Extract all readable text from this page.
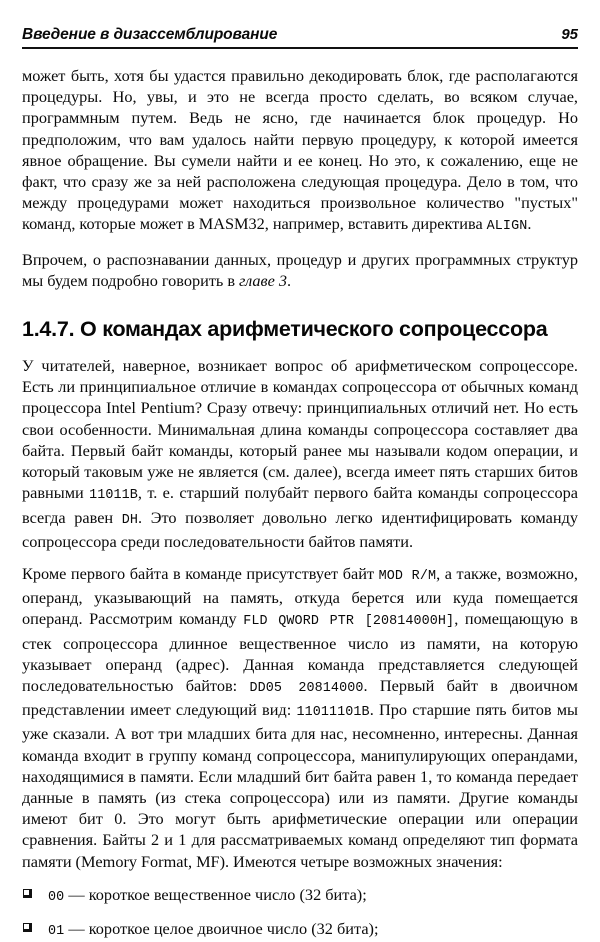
Введение в дизассемблирование	95

может быть, хотя бы удастся правильно декодировать блок, где располагаются процедуры. Но, увы, и это не всегда просто сделать, во всяком случае, программным путем. Ведь не ясно, где начинается блок процедур. Но предположим, что вам удалось найти первую процедуру, к которой имеется явное обращение. Вы сумели найти и ее конец. Но это, к сожалению, еще не факт, что сразу же за ней расположена следующая процедура. Дело в том, что между процедурами может находиться произвольное количество "пустых" команд, которые может в MASM32, например, вставить директива ALIGN.

Впрочем, о распознавании данных, процедур и других программных структур мы будем подробно говорить в главе 3.

1.4.7. О командах арифметического сопроцессора

У читателей, наверное, возникает вопрос об арифметическом сопроцессоре. Есть ли принципиальное отличие в командах сопроцессора от обычных команд процессора Intel Pentium? Сразу отвечу: принципиальных отличий нет. Но есть свои особенности. Минимальная длина команды сопроцессора составляет два байта. Первый байт команды, который ранее мы называли кодом операции, и который таковым уже не является (см. далее), всегда имеет пять старших битов равными 11011B, т. е. старший полубайт первого байта команды сопроцессора всегда равен DH. Это позволяет довольно легко идентифицировать команду сопроцессора среди последовательности байтов памяти.

Кроме первого байта в команде присутствует байт MOD R/M, а также, возможно, операнд, указывающий на память, откуда берется или куда помещается операнд. Рассмотрим команду FLD QWORD PTR [20814000H], помещающую в стек сопроцессора длинное вещественное число из памяти, на которую указывает операнд (адрес). Данная команда представляется следующей последовательностью байтов: DD05 20814000. Первый байт в двоичном представлении имеет следующий вид: 11011101B. Про старшие пять битов мы уже сказали. А вот три младших бита для нас, несомненно, интересны. Данная команда входит в группу команд сопроцессора, манипулирующих операндами, находящимися в памяти. Если младший бит байта равен 1, то команда передает данные в память (из стека сопроцессора) или из памяти. Другие команды имеют бит 0. Это могут быть арифметические операции или операции сравнения. Байты 2 и 1 для рассматриваемых команд определяют тип формата памяти (Memory Format, MF). Имеются четыре возможных значения:

00 — короткое вещественное число (32 бита);
01 — короткое целое двоичное число (32 бита);
